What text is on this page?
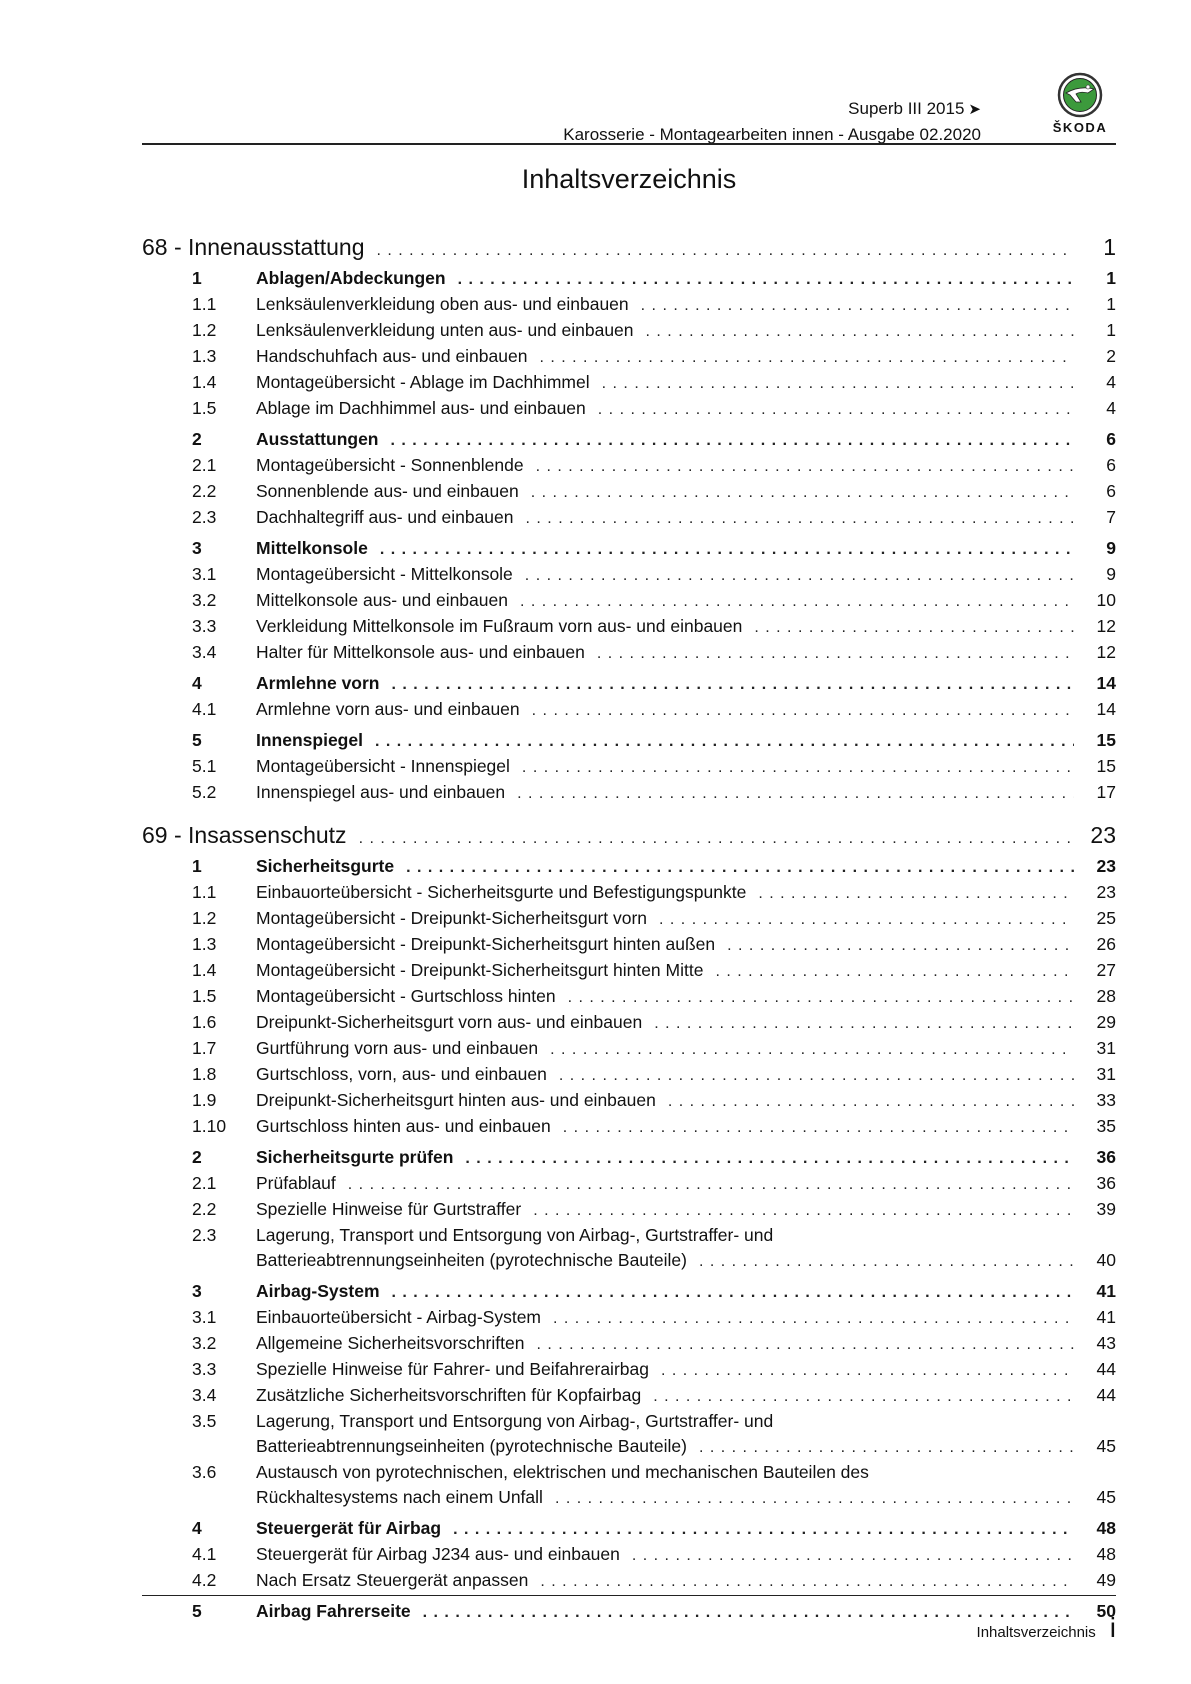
Superb III 2015 ➤
Karosserie - Montagearbeiten innen - Ausgabe 02.2020	ŠKODA
Inhaltsverzeichnis
68 - Innenausstattung . . .	1
1	Ablagen/Abdeckungen . . .	1
1.1	Lenksäulenverkleidung oben aus- und einbauen . . .	1
1.2	Lenksäulenverkleidung unten aus- und einbauen . . .	1
1.3	Handschuhfach aus- und einbauen . . .	2
1.4	Montageübersicht - Ablage im Dachhimmel . . .	4
1.5	Ablage im Dachhimmel aus- und einbauen . . .	4
2	Ausstattungen . . .	6
2.1	Montageübersicht - Sonnenblende . . .	6
2.2	Sonnenblende aus- und einbauen . . .	6
2.3	Dachhaltegriff aus- und einbauen . . .	7
3	Mittelkonsole . . .	9
3.1	Montageübersicht - Mittelkonsole . . .	9
3.2	Mittelkonsole aus- und einbauen . . .	10
3.3	Verkleidung Mittelkonsole im Fußraum vorn aus- und einbauen . . .	12
3.4	Halter für Mittelkonsole aus- und einbauen . . .	12
4	Armlehne vorn . . .	14
4.1	Armlehne vorn aus- und einbauen . . .	14
5	Innenspiegel . . .	15
5.1	Montageübersicht - Innenspiegel . . .	15
5.2	Innenspiegel aus- und einbauen . . .	17
69 - Insassenschutz . . .	23
1	Sicherheitsgurte . . .	23
1.1	Einbauorteübersicht - Sicherheitsgurte und Befestigungspunkte . . .	23
1.2	Montageübersicht - Dreipunkt-Sicherheitsgurt vorn . . .	25
1.3	Montageübersicht - Dreipunkt-Sicherheitsgurt hinten außen . . .	26
1.4	Montageübersicht - Dreipunkt-Sicherheitsgurt hinten Mitte . . .	27
1.5	Montageübersicht - Gurtschloss hinten . . .	28
1.6	Dreipunkt-Sicherheitsgurt vorn aus- und einbauen . . .	29
1.7	Gurtführung vorn aus- und einbauen . . .	31
1.8	Gurtschloss, vorn, aus- und einbauen . . .	31
1.9	Dreipunkt-Sicherheitsgurt hinten aus- und einbauen . . .	33
1.10	Gurtschloss hinten aus- und einbauen . . .	35
2	Sicherheitsgurte prüfen . . .	36
2.1	Prüfablauf . . .	36
2.2	Spezielle Hinweise für Gurtstraffer . . .	39
2.3	Lagerung, Transport und Entsorgung von Airbag-, Gurtstraffer- und
Batterieabtrennungseinheiten (pyrotechnische Bauteile) . . .	40
3	Airbag-System . . .	41
3.1	Einbauorteübersicht - Airbag-System . . .	41
3.2	Allgemeine Sicherheitsvorschriften . . .	43
3.3	Spezielle Hinweise für Fahrer- und Beifahrerairbag . . .	44
3.4	Zusätzliche Sicherheitsvorschriften für Kopfairbag . . .	44
3.5	Lagerung, Transport und Entsorgung von Airbag-, Gurtstraffer- und
Batterieabtrennungseinheiten (pyrotechnische Bauteile) . . .	45
3.6	Austausch von pyrotechnischen, elektrischen und mechanischen Bauteilen des
Rückhaltesystems nach einem Unfall . . .	45
4	Steuergerät für Airbag . . .	48
4.1	Steuergerät für Airbag J234 aus- und einbauen . . .	48
4.2	Nach Ersatz Steuergerät anpassen . . .	49
5	Airbag Fahrerseite . . .	50
Inhaltsverzeichnis i
